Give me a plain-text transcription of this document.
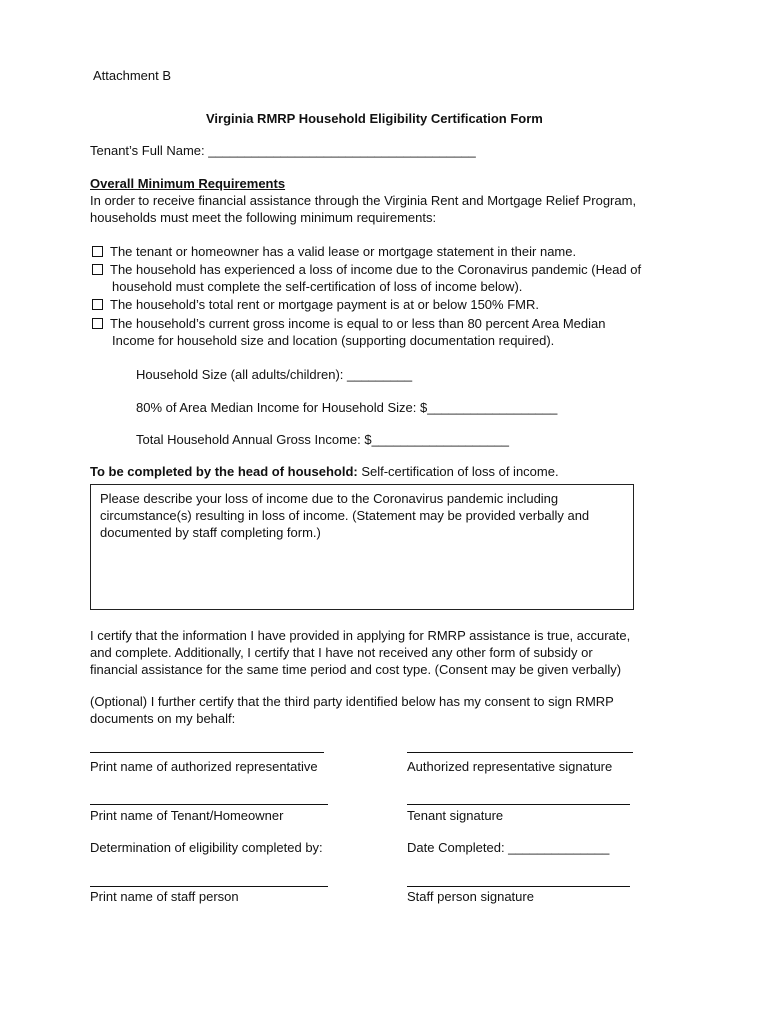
Attachment B
Virginia RMRP Household Eligibility Certification Form
Tenant’s Full Name: _____________________________________
Overall Minimum Requirements
In order to receive financial assistance through the Virginia Rent and Mortgage Relief Program,
households must meet the following minimum requirements:
The tenant or homeowner has a valid lease or mortgage statement in their name.
The household has experienced a loss of income due to the Coronavirus pandemic (Head of
household must complete the self-certification of loss of income below).
The household’s total rent or mortgage payment is at or below 150% FMR.
The household’s current gross income is equal to or less than 80 percent Area Median
Income for household size and location (supporting documentation required).
Household Size (all adults/children): _________
80% of Area Median Income for Household Size: $__________________
Total Household Annual Gross Income: $___________________
To be completed by the head of household: Self-certification of loss of income.
Please describe your loss of income due to the Coronavirus pandemic including
circumstance(s) resulting in loss of income. (Statement may be provided verbally and
documented by staff completing form.)
I certify that the information I have provided in applying for RMRP assistance is true, accurate,
and complete. Additionally, I certify that I have not received any other form of subsidy or
financial assistance for the same time period and cost type. (Consent may be given verbally)
(Optional) I further certify that the third party identified below has my consent to sign RMRP
documents on my behalf:
Print name of authorized representative	Authorized representative signature
Print name of Tenant/Homeowner	Tenant signature
Determination of eligibility completed by:	Date Completed: ______________
Print name of staff person	Staff person signature
